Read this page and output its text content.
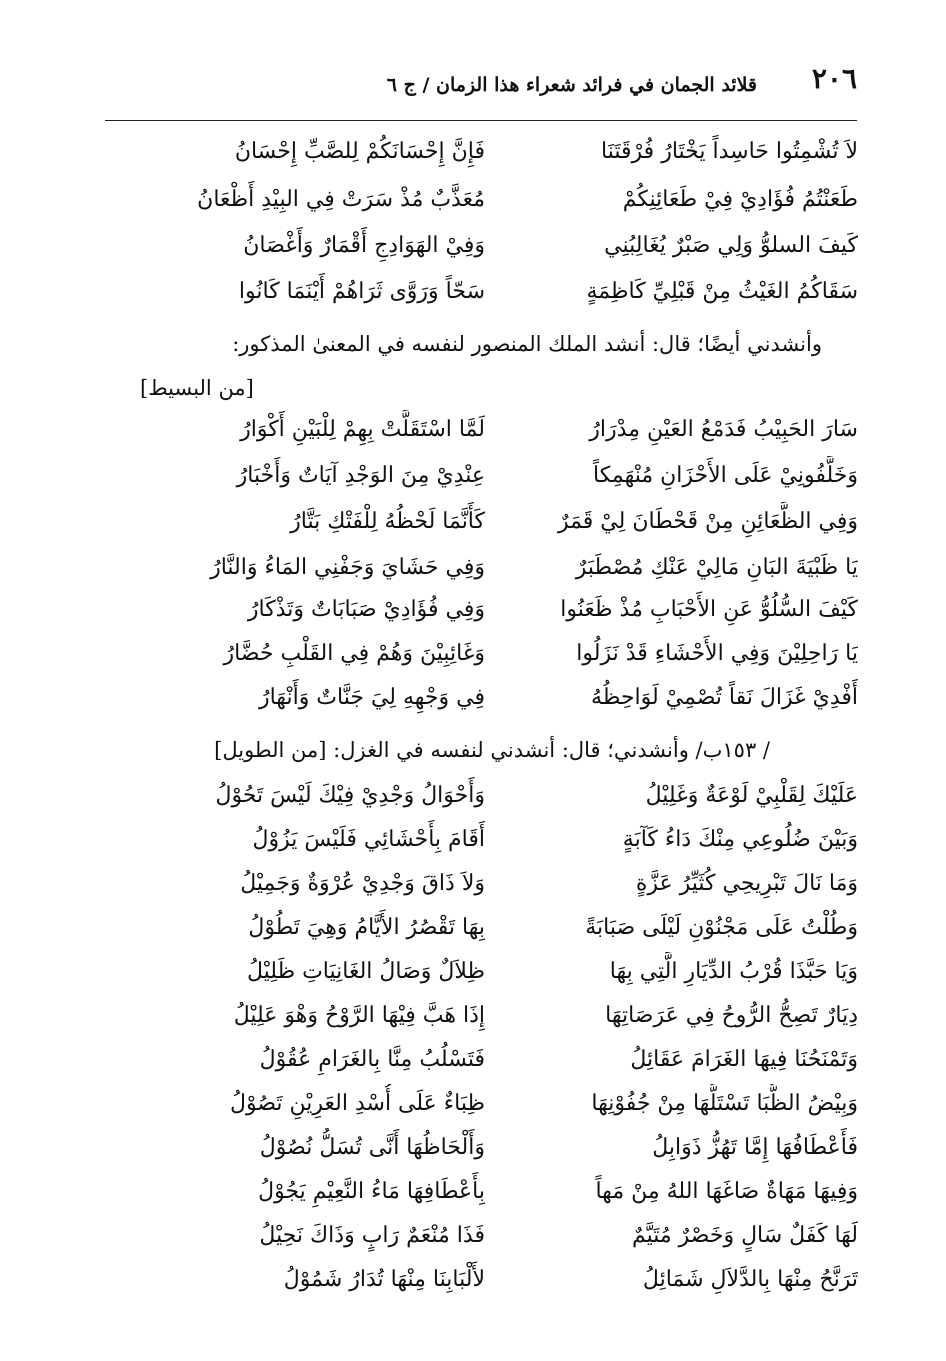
٢٠٦
قلائد الجمان في فرائد شعراء هذا الزمان / ج ٦
لاَ تُشْمِتُوا حَاسِداً يَخْتَارُ فُرْقَتَنَا
فَإِنَّ إِحْسَانَكُمْ لِلصَّبِّ إِحْسَانُ
طَعَنْتُمُ فُؤَادِيْ فِيْ طَعَائِنِكُمْ
مُعَذَّبٌ مُذْ سَرَتْ فِي البِيْدِ أَظْعَانُ
كَيفَ السلوُّ وَلِي صَبْرٌ يُغَالِبُنِي
وَفِيْ الهَوَادِجِ أَقْمَارٌ وَأَغْصَانُ
سَقَاكُمُ الغَيْثُ مِنْ قَبْلِيِّ كَاظِمَةٍ
سَحّاً وَرَوَّى ثَرَاهُمْ أَيْنَمَا كَانُوا
وأنشدني أيضًا؛ قال: أنشد الملك المنصور لنفسه في المعنىٰ المذكور:
[من البسيط]
سَارَ الحَبِيْبُ فَدَمْعُ العَيْنِ مِدْرَارُ
لَمَّا اسْتَقَلَّتْ بِهِمْ لِلْبَيْنِ أَكْوَارُ
وَخَلَّفُونِيْ عَلَى الأَحْزَانِ مُنْهَمِكاً
عِنْدِيْ مِنَ الوَجْدِ آيَاتٌ وَأَخْبَارُ
وَفِي الظَّعَائِنِ مِنْ قَحْطَانَ لِيْ قَمَرٌ
كَأَنَّمَا لَحْظُهُ لِلْفَتْكِ بَتَّارُ
يَا ظَبْيَةَ البَانِ مَالِيْ عَنْكِ مُصْطَبَرٌ
وَفِي حَشَايَ وَجَفْنِي المَاءُ وَالنَّارُ
كَيْفَ السُّلُوُّ عَنِ الأَحْبَابِ مُذْ ظَعَنُوا
وَفِي فُؤَادِيْ صَبَابَاتٌ وَتَذْكَارُ
يَا رَاحِلِيْنَ وَفِي الأَحْشَاءِ قَدْ نَزَلُوا
وَغَائِبِيْنَ وَهُمْ فِي القَلْبِ حُضَّارُ
أَفْدِيْ غَزَالَ نَقاً تُصْمِيْ لَوَاحِظُهُ
فِي وَجْهِهِ لِيَ جَنَّاتٌ وَأَنْهَارُ
/ ١٥٣ب/ وأنشدني؛ قال: أنشدني لنفسه في الغزل: [من الطويل]
عَلَيْكَ لِقَلْبِيْ لَوْعَةٌ وَغَلِيْلُ
وَأَحْوَالُ وَجْدِيْ فِيْكَ لَيْسَ تَحُوْلُ
وَبَيْنَ ضُلُوعِي مِنْكَ دَاءُ كَآبَةٍ
أَقَامَ بِأَحْشَائِي فَلَيْسَ يَزُوْلُ
وَمَا نَالَ تَبْرِيحِي كُثَيِّرُ عَزَّةٍ
وَلاَ ذَاقَ وَجْدِيْ عُرْوَةٌ وَجَمِيْلُ
وَطُلْتُ عَلَى مَجْنُوْنِ لَيْلَى صَبَابَةً
بِهَا تَقْصُرُ الأَيَّامُ وَهِيَ تَطُوْلُ
وَيَا حَبَّذَا قُرْبُ الدِّيَارِ الَّتِي بِهَا
ظِلاَلٌ وَصَالُ الغَانِيَاتِ ظَلِيْلُ
دِيَارٌ تَصِحُّ الرُّوحُ فِي عَرَصَاتِهَا
إِذَا هَبَّ فِيْهَا الرَّوْحُ وَهْوَ عَلِيْلُ
وَتَمْنَحُنَا فِيهَا الغَرَامَ عَقَائِلُ
فَتَسْلُبُ مِنَّا بِالغَرَامِ عُقُوْلُ
وَبِيْضُ الظُّبَا تَسْتَلُّهَا مِنْ جُفُوْنِهَا
ظِبَاءٌ عَلَى أُسْدِ العَرِيْنِ تَصُوْلُ
فَأَعْطَافُهَا إِمَّا تَهُزُّ ذَوَابِلُ
وَأَلْحَاظُهَا أَنَّى تُسَلُّ نُصُوْلُ
وَفِيهَا مَهَاةٌ صَاغَهَا اللهُ مِنْ مَهاً
بِأَعْطَافِهَا مَاءُ النَّعِيْمِ يَجُوْلُ
لَهَا كَفَلٌ سَالٍ وَخَصْرٌ مُتَيَّمٌ
فَذَا مُنْعَمٌ رَابٍ وَذَاكَ نَحِيْلُ
تَرَنَّحُ مِنْهَا بِالدَّلاَلِ شَمَائِلُ
لأَلْبَابِنَا مِنْهَا تُدَارُ شَمُوْلُ
